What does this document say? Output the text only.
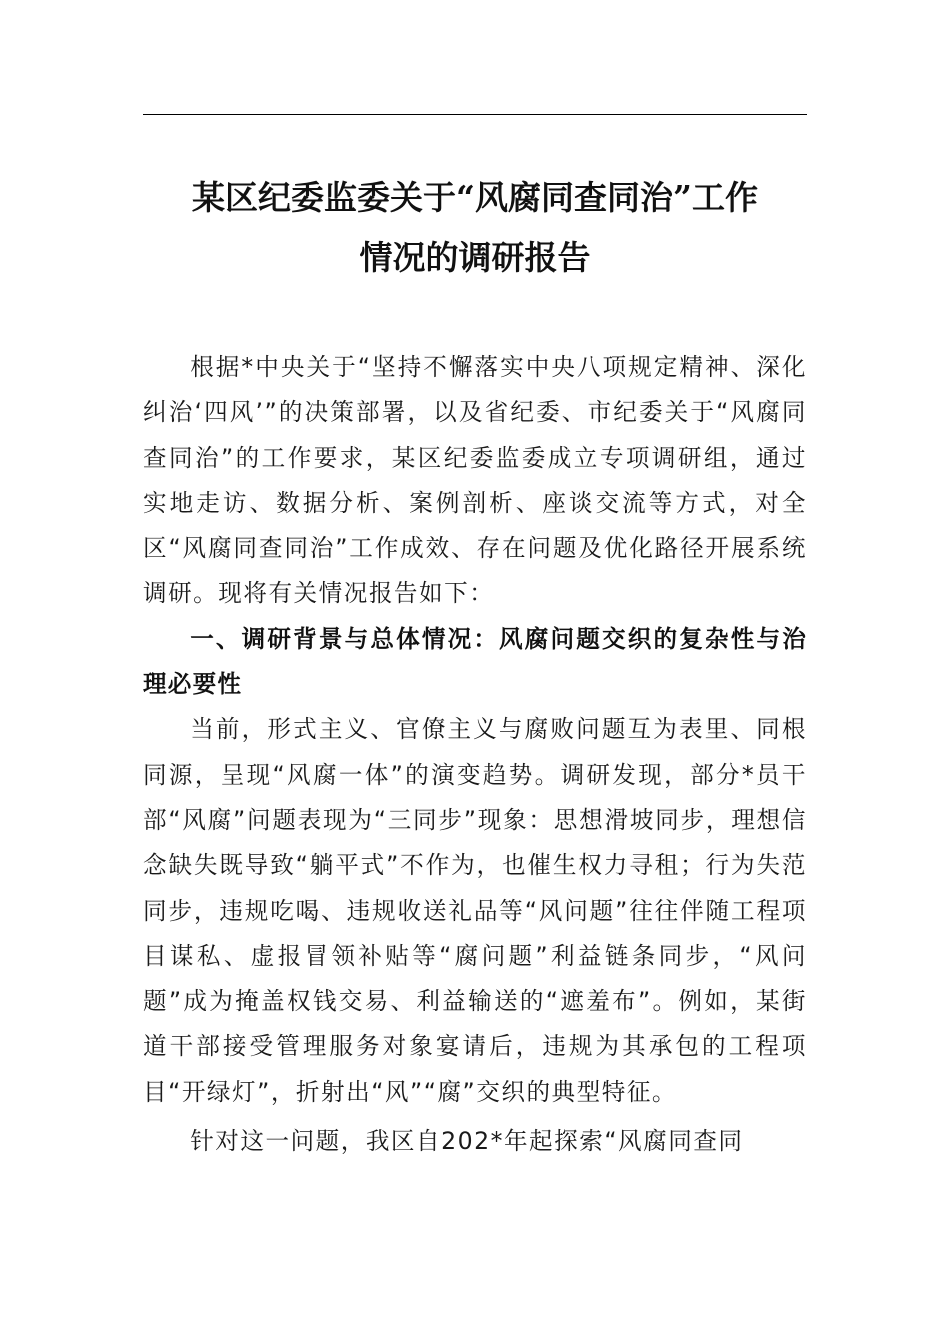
某区纪委监委关于“风腐同查同治”工作
情况的调研报告

根据*中央关于“坚持不懈落实中央八项规定精神、深化纠治‘四风’”的决策部署，以及省纪委、市纪委关于“风腐同查同治”的工作要求，某区纪委监委成立专项调研组，通过实地走访、数据分析、案例剖析、座谈交流等方式，对全区“风腐同查同治”工作成效、存在问题及优化路径开展系统调研。现将有关情况报告如下：

一、调研背景与总体情况：风腐问题交织的复杂性与治理必要性

当前，形式主义、官僚主义与腐败问题互为表里、同根同源，呈现“风腐一体”的演变趋势。调研发现，部分*员干部“风腐”问题表现为“三同步”现象：思想滑坡同步，理想信念缺失既导致“躺平式”不作为，也催生权力寻租；行为失范同步，违规吃喝、违规收送礼品等“风问题”往往伴随工程项目谋私、虚报冒领补贴等“腐问题”利益链条同步，“风问题”成为掩盖权钱交易、利益输送的“遮羞布”。例如，某街道干部接受管理服务对象宴请后，违规为其承包的工程项目“开绿灯”，折射出“风”“腐”交织的典型特征。

针对这一问题，我区自202*年起探索“风腐同查同
